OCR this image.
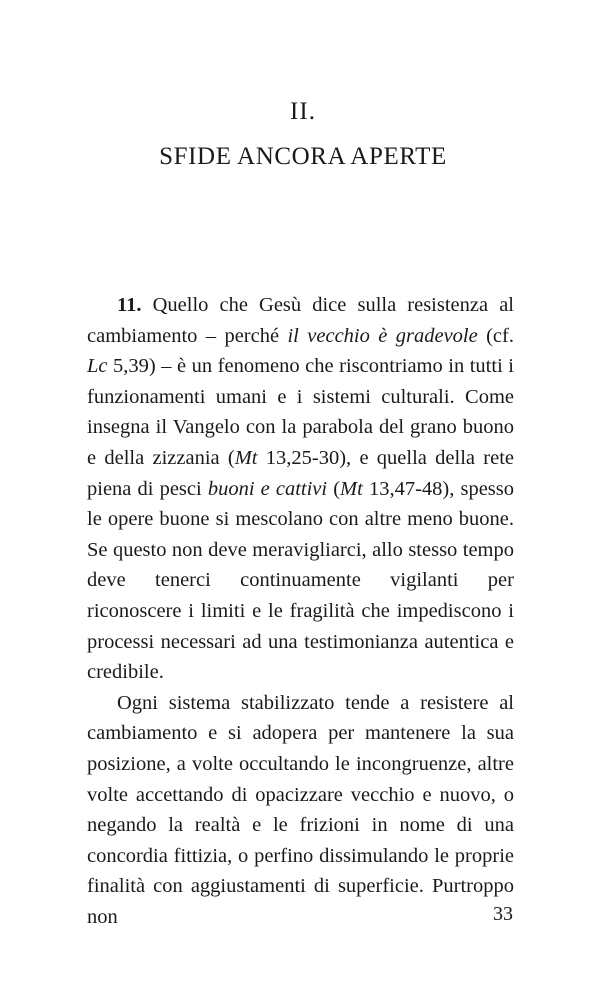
II.
SFIDE ANCORA APERTE

11. Quello che Gesù dice sulla resistenza al cambiamento – perché il vecchio è gradevole (cf. Lc 5,39) – è un fenomeno che riscontriamo in tutti i funzionamenti umani e i sistemi culturali. Come insegna il Vangelo con la parabola del grano buono e della zizzania (Mt 13,25-30), e quella della rete piena di pesci buoni e cattivi (Mt 13,47-48), spesso le opere buone si mescolano con altre meno buone. Se questo non deve meravigliarci, allo stesso tempo deve tenerci continuamente vigilanti per riconoscere i limiti e le fragilità che impediscono i processi necessari ad una testimonianza autentica e credibile.

Ogni sistema stabilizzato tende a resistere al cambiamento e si adopera per mantenere la sua posizione, a volte occultando le incongruenze, altre volte accettando di opacizzare vecchio e nuovo, o negando la realtà e le frizioni in nome di una concordia fittizia, o perfino dissimulando le proprie finalità con aggiustamenti di superficie. Purtroppo non	33
